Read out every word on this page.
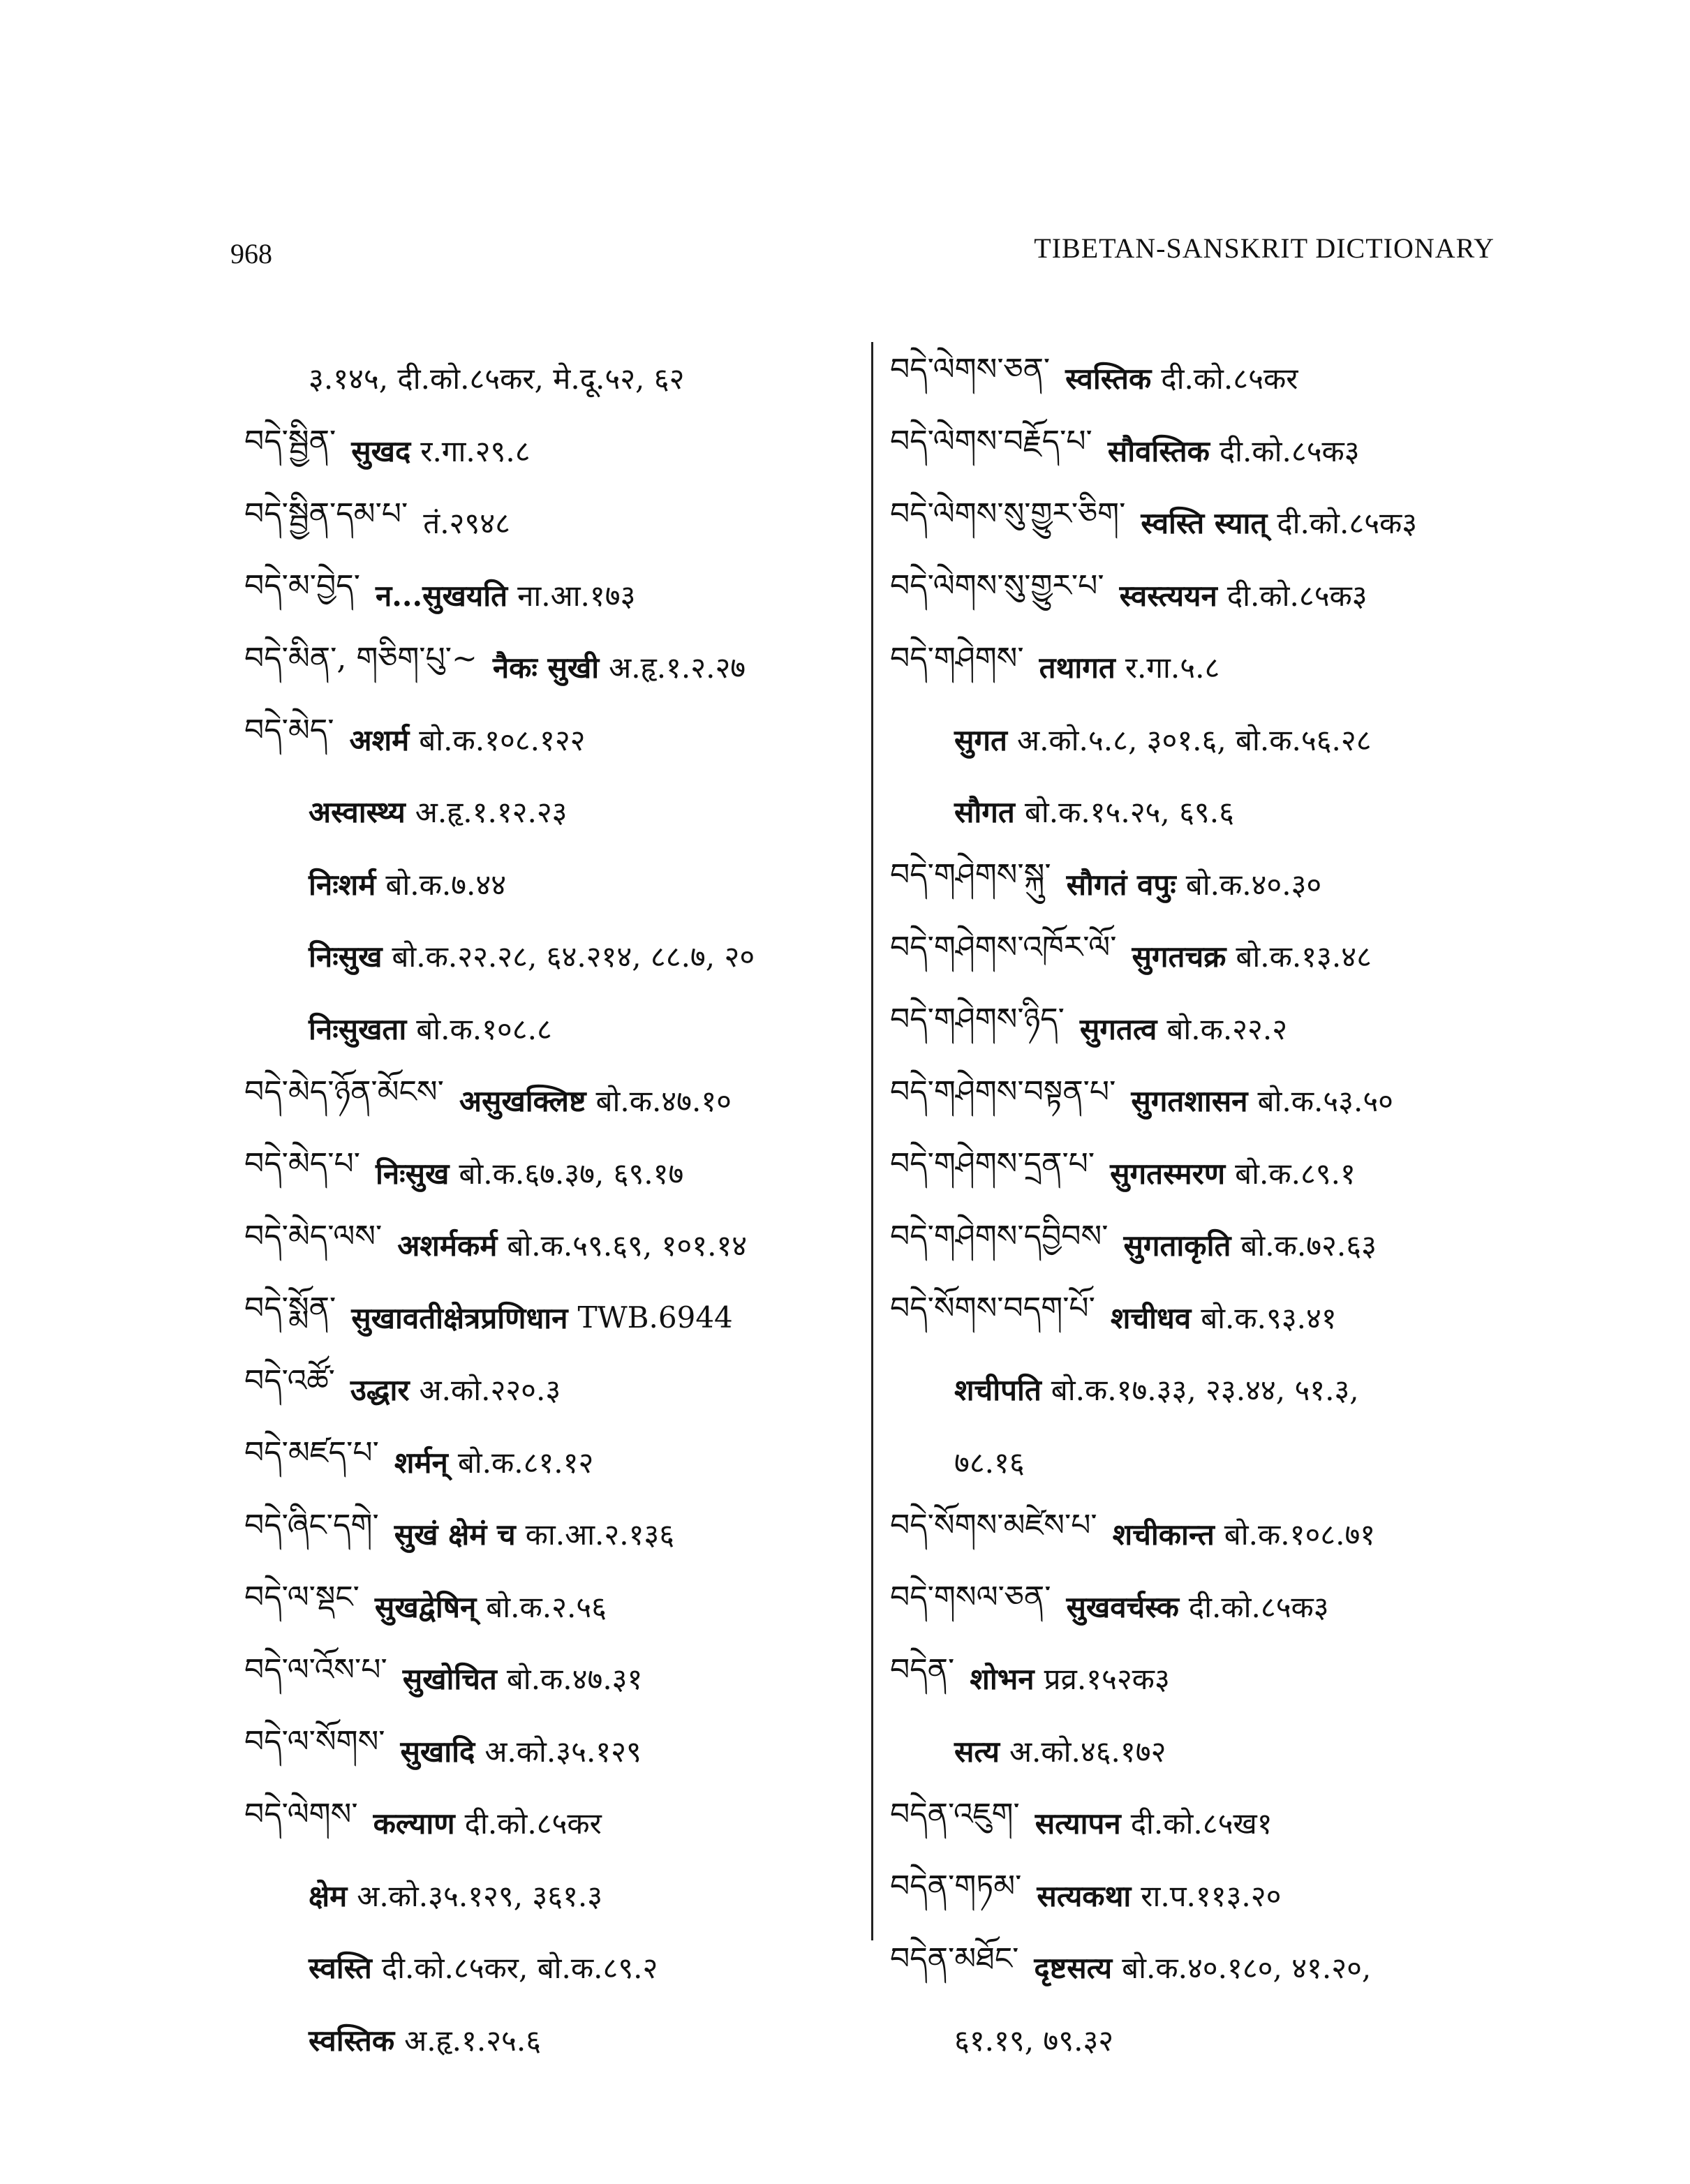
968	TIBETAN-SANSKRIT DICTIONARY
३.१४५, दी.को.८५कर, मे.दू.५२, ६२
བདེ་སྦྱིན་ सुखद र.गा.२९.८
བདེ་སྦྱིན་དམ་པ་ तं.२९४८
བདེ་མ་བྱེད་ न...सुखयति ना.आ.१७३
བདེ་མིན་, གཅིག་པུ་~ नैकः सुखी अ.हृ.१.२.२७
བདེ་མེད་ अशर्म बो.क.१०८.१२२
अस्वास्थ्य अ.हृ.१.१२.२३
निःशर्म बो.क.७.४४
निःसुख बो.क.२२.२८, ६४.२१४, ८८.७, २०
निःसुखता बो.क.१०८.८
བདེ་མེད་ཉོན་མོངས་ असुखक्लिष्ट बो.क.४७.१०
བདེ་མེད་པ་ निःसुख बो.क.६७.३७, ६९.१७
བདེ་མེད་ལས་ अशर्मकर्म बो.क.५९.६९, १०१.१४
བདེ་སྨོན་ सुखावतीक्षेत्रप्रणिधान TWB.6944
བདེ་འཚོ་ उद्धार अ.को.२२०.३
བདེ་མཛད་པ་ शर्मन् बो.क.८१.१२
བདེ་ཞིང་དགེ་ सुखं क्षेमं च का.आ.२.१३६
བདེ་ལ་སྡང་ सुखद्वेषिन् बो.क.२.५६
བདེ་ལ་འོས་པ་ सुखोचित बो.क.४७.३१
བདེ་ལ་སོགས་ सुखादि अ.को.३५.१२९
བདེ་ལེགས་ कल्याण दी.को.८५कर
क्षेम अ.को.३५.१२९, ३६१.३
स्वस्ति दी.को.८५कर, बो.क.८९.२
स्वस्तिक अ.हृ.१.२५.६
བདེ་ལེགས་ཅན་ स्वस्तिक दी.को.८५कर
བདེ་ལེགས་བརྗོད་པ་ सौवस्तिक दी.को.८५क३
བདེ་ལེགས་སུ་གྱུར་ཅིག་ स्वस्ति स्यात् दी.को.८५क३
བདེ་ལེགས་སུ་གྱུར་པ་ स्वस्त्ययन दी.को.८५क३
བདེ་གཤེགས་ तथागत र.गा.५.८
सुगत अ.को.५.८, ३०१.६, बो.क.५६.२८
सौगत बो.क.१५.२५, ६९.६
བདེ་གཤེགས་སྐུ་ सौगतं वपुः बो.क.४०.३०
བདེ་གཤེགས་འཁོར་ལོ་ सुगतचक्र बो.क.१३.४८
བདེ་གཤེགས་ཉིད་ सुगतत्व बो.क.२२.२
བདེ་གཤེགས་བསྟན་པ་ सुगतशासन बो.क.५३.५०
བདེ་གཤེགས་དྲན་པ་ सुगतस्मरण बो.क.८९.१
བདེ་གཤེགས་དབྱིབས་ सुगताकृति बो.क.७२.६३
བདེ་སོགས་བདག་པོ་ शचीधव बो.क.९३.४१
शचीपति बो.क.१७.३३, २३.४४, ५१.३,
७८.१६
བདེ་སོགས་མཛེས་པ་ शचीकान्त बो.क.१०८.७१
བདེ་གསལ་ཅན་ सुखवर्चस्क दी.को.८५क३
བདེན་ शोभन प्रव्र.१५२क३
सत्य अ.को.४६.१७२
བདེན་འཇུག་ सत्यापन दी.को.८५ख१
བདེན་གཏམ་ सत्यकथा रा.प.११३.२०
བདེན་མཐོང་ दृष्टसत्य बो.क.४०.१८०, ४१.२०,
६१.१९, ७९.३२
